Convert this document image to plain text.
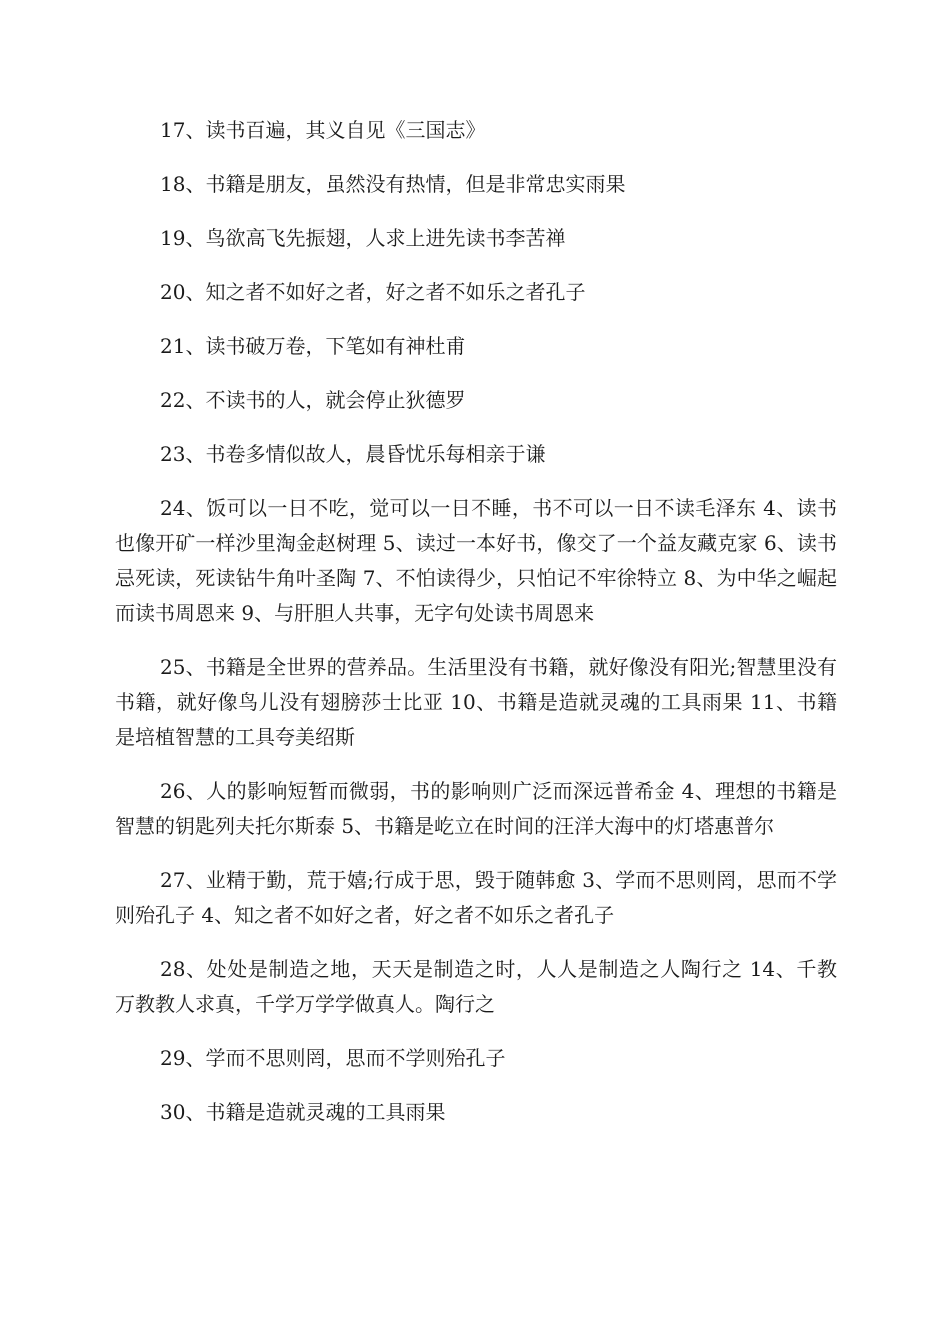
17、读书百遍，其义自见《三国志》

18、书籍是朋友，虽然没有热情，但是非常忠实雨果

19、鸟欲高飞先振翅，人求上进先读书李苦禅

20、知之者不如好之者，好之者不如乐之者孔子

21、读书破万卷，下笔如有神杜甫

22、不读书的人，就会停止狄德罗

23、书卷多情似故人，晨昏忧乐每相亲于谦

24、饭可以一日不吃，觉可以一日不睡，书不可以一日不读毛泽东 4、读书也像开矿一样沙里淘金赵树理 5、读过一本好书，像交了一个益友藏克家 6、读书忌死读，死读钻牛角叶圣陶 7、不怕读得少，只怕记不牢徐特立 8、为中华之崛起而读书周恩来 9、与肝胆人共事，无字句处读书周恩来

25、书籍是全世界的营养品。生活里没有书籍，就好像没有阳光;智慧里没有书籍，就好像鸟儿没有翅膀莎士比亚 10、书籍是造就灵魂的工具雨果 11、书籍是培植智慧的工具夸美绍斯

26、人的影响短暂而微弱，书的影响则广泛而深远普希金 4、理想的书籍是智慧的钥匙列夫托尔斯泰 5、书籍是屹立在时间的汪洋大海中的灯塔惠普尔

27、业精于勤，荒于嬉;行成于思，毁于随韩愈 3、学而不思则罔，思而不学则殆孔子 4、知之者不如好之者，好之者不如乐之者孔子

28、处处是制造之地，天天是制造之时，人人是制造之人陶行之 14、千教万教教人求真，千学万学学做真人。陶行之

29、学而不思则罔，思而不学则殆孔子

30、书籍是造就灵魂的工具雨果
